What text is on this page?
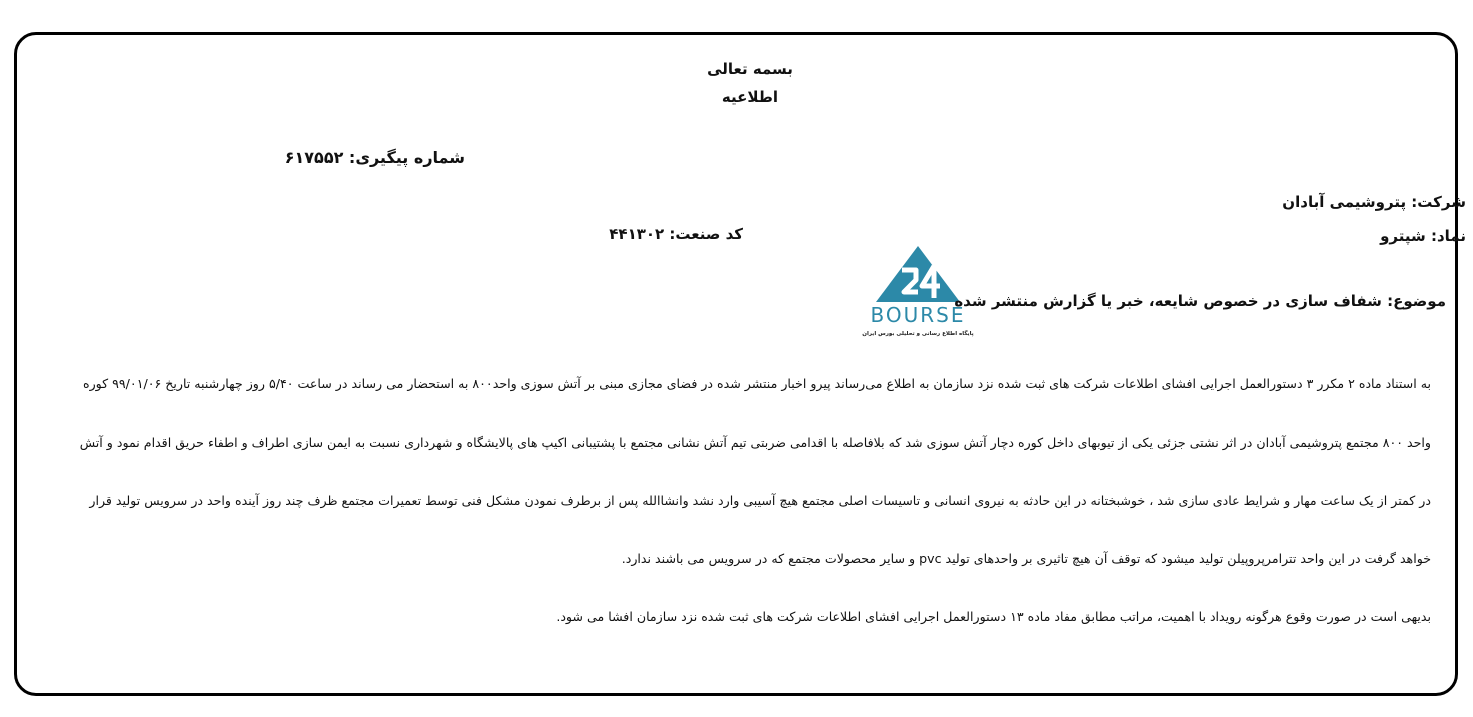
بسمه تعالی
اطلاعیه
شماره پیگیری: ۶۱۷۵۵۲
شرکت: پتروشیمی آبادان
کد صنعت: ۴۴۱۳۰۲	نماد: شپترو
BOURSE
پایگاه اطلاع رسانی و تحلیلی بورس ایران
موضوع: شفاف سازی در خصوص شایعه، خبر یا گزارش منتشر شده
به استناد ماده ۲ مکرر ۳ دستورالعمل اجرایی افشای اطلاعات شرکت های ثبت شده نزد سازمان به اطلاع می‌رساند پیرو اخبار منتشر شده در فضای مجازی مبنی بر آتش سوزی واحد۸۰۰ به استحضار می رساند در ساعت ۵/۴۰ روز چهارشنبه تاریخ ۹۹/۰۱/۰۶ کوره
واحد ۸۰۰ مجتمع پتروشیمی آبادان در اثر نشتی جزئی یکی از تیوبهای داخل کوره دچار آتش سوزی شد که بلافاصله با اقدامی ضربتی تیم آتش نشانی مجتمع با پشتیبانی اکیپ های پالایشگاه و شهرداری نسبت به ایمن سازی اطراف و اطفاء حریق اقدام نمود و آتش
در کمتر از یک ساعت مهار و شرایط عادی سازی شد ، خوشبختانه در این حادثه به نیروی انسانی و تاسیسات اصلی مجتمع هیچ آسیبی وارد نشد وانشاالله پس از برطرف نمودن مشکل فنی توسط تعمیرات مجتمع ظرف چند روز آینده واحد در سرویس تولید قرار
خواهد گرفت در این واحد تترامرپروپیلن تولید میشود که توقف آن هیچ تاثیری بر واحدهای تولید pvc و سایر محصولات مجتمع که در سرویس می باشند ندارد.
بدیهی است در صورت وقوع هرگونه رویداد با اهمیت، مراتب مطابق مفاد ماده ۱۳ دستورالعمل اجرایی افشای اطلاعات شرکت های ثبت شده نزد سازمان افشا می شود.
